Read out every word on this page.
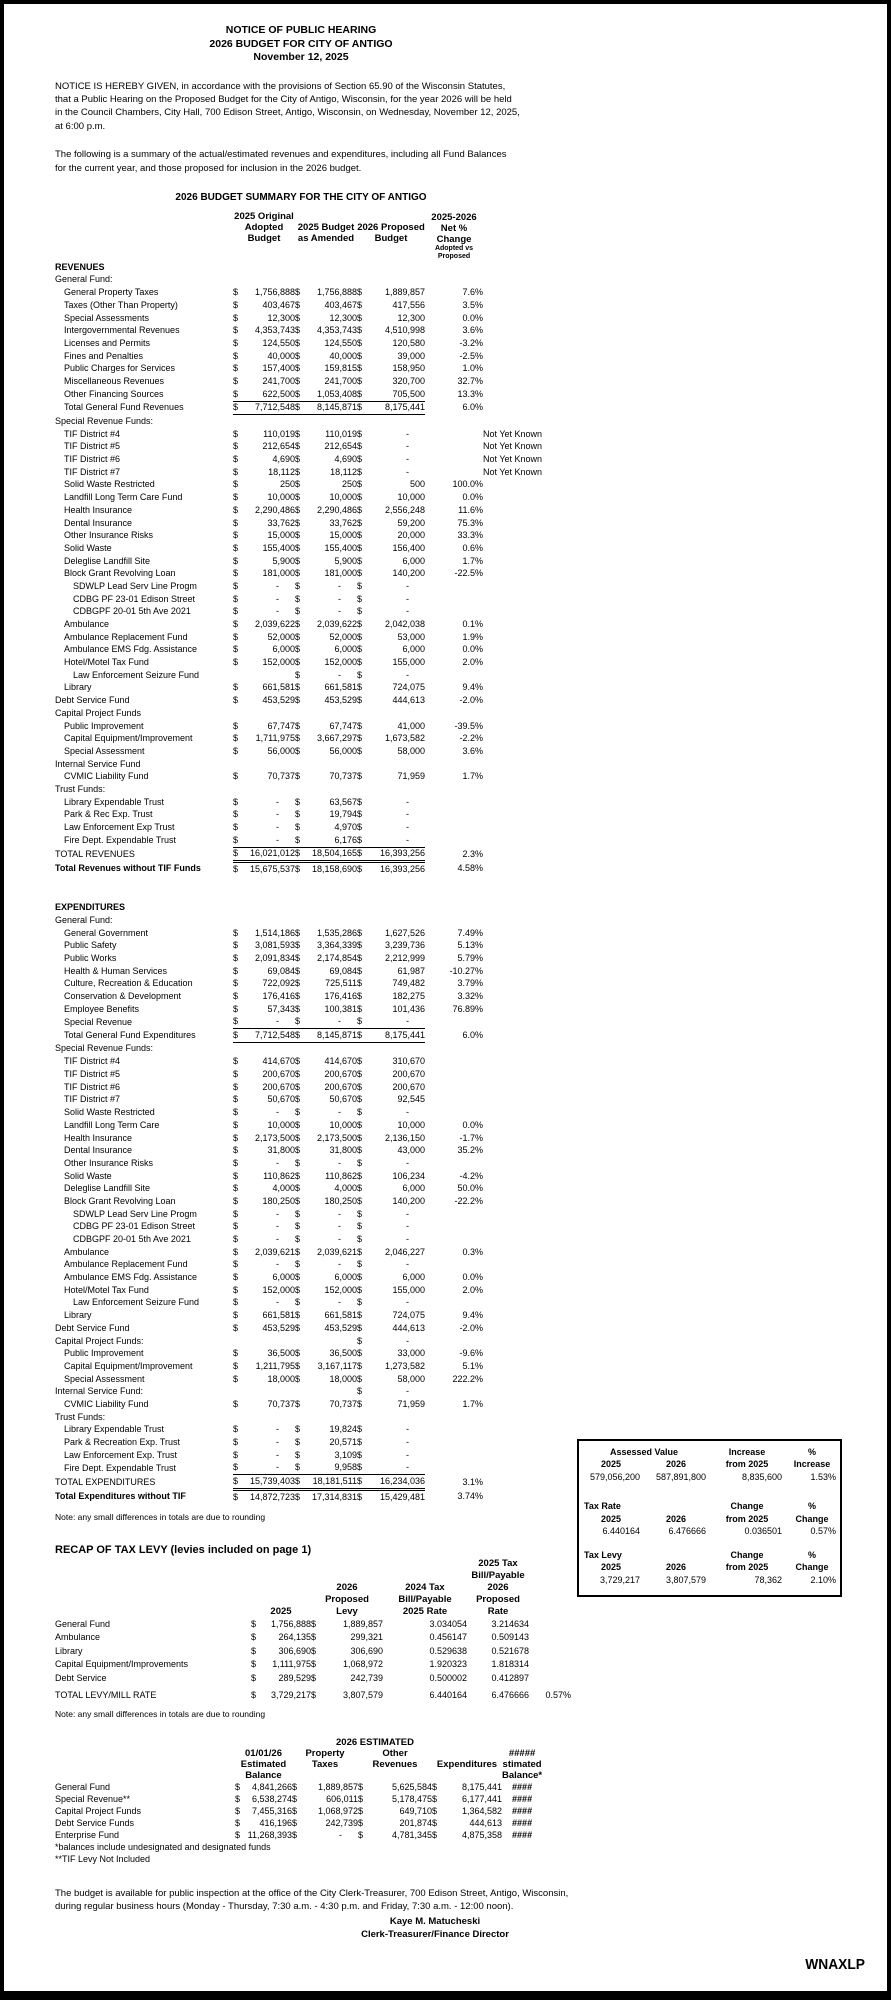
NOTICE OF PUBLIC HEARING
2026 BUDGET FOR CITY OF ANTIGO
November 12, 2025
NOTICE IS HEREBY GIVEN, in accordance with the provisions of Section 65.90 of the Wisconsin Statutes,
that a Public Hearing on the Proposed Budget for the City of Antigo, Wisconsin, for the year 2026 will be held
in the Council Chambers, City Hall, 700 Edison Street, Antigo, Wisconsin, on Wednesday, November 12, 2025,
at 6:00 p.m.
The following is a summary of the actual/estimated revenues and expenditures, including all Fund Balances
for the current year, and those proposed for inclusion in the 2026 budget.
2026 BUDGET SUMMARY FOR THE CITY OF ANTIGO

2025 Original
Adopted
Budget

2025 Budget
as Amended

2026 Proposed
Budget

2025-2026
Net %
Change
Adopted vs
Proposed

REVENUES								
General Fund:								
General Property Taxes	$	1,756,888	$	1,756,888	$	1,889,857	7.6%	
Taxes (Other Than Property)	$	403,467	$	403,467	$	417,556	3.5%	
Special Assessments	$	12,300	$	12,300	$	12,300	0.0%	
Intergovernmental Revenues	$	4,353,743	$	4,353,743	$	4,510,998	3.6%	
Licenses and Permits	$	124,550	$	124,550	$	120,580	-3.2%	
Fines and Penalties	$	40,000	$	40,000	$	39,000	-2.5%	
Public Charges for Services	$	157,400	$	159,815	$	158,950	1.0%	
Miscellaneous Revenues	$	241,700	$	241,700	$	320,700	32.7%	
Other Financing Sources	$	622,500	$	1,053,408	$	705,500	13.3%	
Total General Fund Revenues	$	7,712,548	$	8,145,871	$	8,175,441	6.0%	
Special Revenue Funds:								
TIF District #4	$	110,019	$	110,019	$	-		Not Yet Known
TIF District #5	$	212,654	$	212,654	$	-		Not Yet Known
TIF District #6	$	4,690	$	4,690	$	-		Not Yet Known
TIF District #7	$	18,112	$	18,112	$	-		Not Yet Known
Solid Waste Restricted	$	250	$	250	$	500	100.0%	
Landfill Long Term Care Fund	$	10,000	$	10,000	$	10,000	0.0%	
Health Insurance	$	2,290,486	$	2,290,486	$	2,556,248	11.6%	
Dental Insurance	$	33,762	$	33,762	$	59,200	75.3%	
Other Insurance Risks	$	15,000	$	15,000	$	20,000	33.3%	
Solid Waste	$	155,400	$	155,400	$	156,400	0.6%	
Deleglise Landfill Site	$	5,900	$	5,900	$	6,000	1.7%	
Block Grant Revolving Loan	$	181,000	$	181,000	$	140,200	-22.5%	
SDWLP Lead Serv Line Progm	$	-	$	-	$	-		
CDBG PF 23-01 Edison Street	$	-	$	-	$	-		
CDBGPF 20-01 5th Ave 2021	$	-	$	-	$	-		
Ambulance	$	2,039,622	$	2,039,622	$	2,042,038	0.1%	
Ambulance Replacement Fund	$	52,000	$	52,000	$	53,000	1.9%	
Ambulance EMS Fdg. Assistance	$	6,000	$	6,000	$	6,000	0.0%	
Hotel/Motel Tax Fund	$	152,000	$	152,000	$	155,000	2.0%	
Law Enforcement Seizure Fund			$	-	$	-		
Library	$	661,581	$	661,581	$	724,075	9.4%	
Debt Service Fund	$	453,529	$	453,529	$	444,613	-2.0%	
Capital Project Funds								
Public Improvement	$	67,747	$	67,747	$	41,000	-39.5%	
Capital Equipment/Improvement	$	1,711,975	$	3,667,297	$	1,673,582	-2.2%	
Special Assessment	$	56,000	$	56,000	$	58,000	3.6%	
Internal Service Fund								
CVMIC Liability Fund	$	70,737	$	70,737	$	71,959	1.7%	
Trust Funds:								
Library Expendable Trust	$	-	$	63,567	$	-		
Park & Rec Exp. Trust	$	-	$	19,794	$	-		
Law Enforcement Exp Trust	$	-	$	4,970	$	-		
Fire Dept. Expendable Trust	$	-	$	6,176	$	-		
TOTAL REVENUES	$	16,021,012	$	18,504,165	$	16,393,256	2.3%	
Total Revenues without TIF Funds	$	15,675,537	$	18,158,690	$	16,393,256	4.58%	

EXPENDITURES								
General Fund:								
General Government	$	1,514,186	$	1,535,286	$	1,627,526	7.49%	
Public Safety	$	3,081,593	$	3,364,339	$	3,239,736	5.13%	
Public Works	$	2,091,834	$	2,174,854	$	2,212,999	5.79%	
Health & Human Services	$	69,084	$	69,084	$	61,987	-10.27%	
Culture, Recreation & Education	$	722,092	$	725,511	$	749,482	3.79%	
Conservation & Development	$	176,416	$	176,416	$	182,275	3.32%	
Employee Benefits	$	57,343	$	100,381	$	101,436	76.89%	
Special Revenue	$	-	$	-	$	-		
Total General Fund Expenditures	$	7,712,548	$	8,145,871	$	8,175,441	6.0%	
Special Revenue Funds:								
TIF District #4	$	414,670	$	414,670	$	310,670		
TIF District #5	$	200,670	$	200,670	$	200,670		
TIF District #6	$	200,670	$	200,670	$	200,670		
TIF District #7	$	50,670	$	50,670	$	92,545		
Solid Waste Restricted	$	-	$	-	$	-		
Landfill Long Term Care	$	10,000	$	10,000	$	10,000	0.0%	
Health Insurance	$	2,173,500	$	2,173,500	$	2,136,150	-1.7%	
Dental Insurance	$	31,800	$	31,800	$	43,000	35.2%	
Other Insurance Risks	$	-	$	-	$	-		
Solid Waste	$	110,862	$	110,862	$	106,234	-4.2%	
Deleglise Landfill Site	$	4,000	$	4,000	$	6,000	50.0%	
Block Grant Revolving Loan	$	180,250	$	180,250	$	140,200	-22.2%	
SDWLP Lead Serv Line Progm	$	-	$	-	$	-		
CDBG PF 23-01 Edison Street	$	-	$	-	$	-		
CDBGPF 20-01 5th Ave 2021	$	-	$	-	$	-		
Ambulance	$	2,039,621	$	2,039,621	$	2,046,227	0.3%	
Ambulance Replacement Fund	$	-	$	-	$	-		
Ambulance EMS Fdg. Assistance	$	6,000	$	6,000	$	6,000	0.0%	
Hotel/Motel Tax Fund	$	152,000	$	152,000	$	155,000	2.0%	
Law Enforcement Seizure Fund	$	-	$	-	$	-		
Library	$	661,581	$	661,581	$	724,075	9.4%	
Debt Service Fund	$	453,529	$	453,529	$	444,613	-2.0%	
Capital Project Funds:					$	-		
Public Improvement	$	36,500	$	36,500	$	33,000	-9.6%	
Capital Equipment/Improvement	$	1,211,795	$	3,167,117	$	1,273,582	5.1%	
Special Assessment	$	18,000	$	18,000	$	58,000	222.2%	
Internal Service Fund:					$	-		
CVMIC Liability Fund	$	70,737	$	70,737	$	71,959	1.7%	
Trust Funds:								
Library Expendable Trust	$	-	$	19,824	$	-		
Park & Recreation Exp. Trust	$	-	$	20,571	$	-		
Law Enforcement Exp. Trust	$	-	$	3,109	$	-		
Fire Dept. Expendable Trust	$	-	$	9,958	$	-		
TOTAL EXPENDITURES	$	15,739,403	$	18,181,511	$	16,234,036	3.1%	
Total Expenditures without TIF	$	14,872,723	$	17,314,831	$	15,429,481	3.74%	
Note: any small differences in totals are due to rounding
RECAP OF TAX LEVY (levies included on page 1)

2025

2026
Proposed
Levy

2024 Tax
Bill/Payable
2025 Rate

2025 Tax
Bill/Payable
2026
Proposed
Rate

General Fund	$	1,756,888	$	1,889,857	3.034054	3.214634	
Ambulance	$	264,135	$	299,321	0.456147	0.509143	
Library	$	306,690	$	306,690	0.529638	0.521678	
Capital Equipment/Improvements	$	1,111,975	$	1,068,972	1.920323	1.818314	
Debt Service	$	289,529	$	242,739	0.500002	0.412897	
TOTAL LEVY/MILL RATE	$	3,729,217	$	3,807,579	6.440164	6.476666	0.57%
Note: any small differences in totals are due to rounding
2026 ESTIMATED

01/01/26
Estimated
Balance

Property
Taxes

Other
Revenues	Expenditures

#####
stimated
Balance*

General Fund	$	4,841,266	$	1,889,857	$	5,625,584	$	8,175,441	####
Special Revenue**	$	6,538,274	$	606,011	$	5,178,475	$	6,177,441	####
Capital Project Funds	$	7,455,316	$	1,068,972	$	649,710	$	1,364,582	####
Debt Service Funds	$	416,196	$	242,739	$	201,874	$	444,613	####
Enterprise Fund	$	11,268,393	$	-	$	4,781,345	$	4,875,358	####
*balances include undesignated and designated funds
**TIF Levy Not Included
The budget is available for public inspection at the office of the City Clerk-Treasurer, 700 Edison Street, Antigo, Wisconsin,
during regular business hours (Monday - Thursday, 7:30 a.m. - 4:30 p.m. and Friday, 7:30 a.m. - 12:00 noon).
Kaye M. Matucheski
Clerk-Treasurer/Finance Director
Assessed Value		Increase	%
2025	2026	from 2025	Increase
579,056,200	587,891,800	8,835,600	1.53%
Tax Rate		Change	%
2025	2026	from 2025	Change
6.440164	6.476666	0.036501	0.57%
Tax Levy		Change	%
2025	2026	from 2025	Change
3,729,217	3,807,579	78,362	2.10%
WNAXLP
